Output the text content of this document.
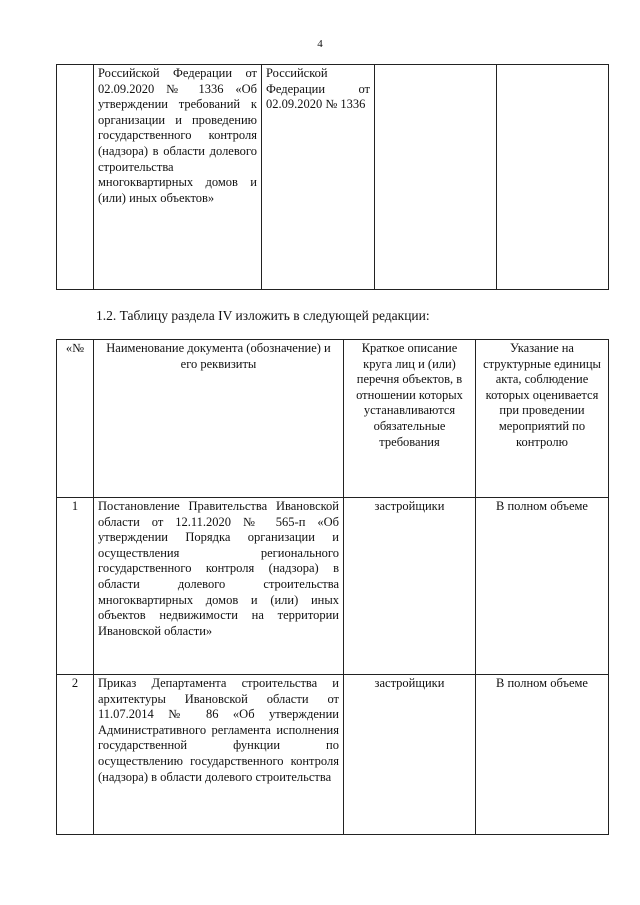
4
	Российской Федерации от 02.09.2020 № 1336 «Об утверждении требований к организации и проведению государственного контроля (надзора) в области долевого строительства многоквартирных домов и (или) иных объектов»	Российской Федерации от 02.09.2020 № 1336		
1.2. Таблицу раздела IV изложить в следующей редакции:
«№	Наименование документа (обозначение) и его реквизиты	Краткое описание круга лиц и (или) перечня объектов, в отношении которых устанавливаются обязательные требования	Указание на структурные единицы акта, соблюдение которых оценивается при проведении мероприятий по контролю
1	Постановление Правительства Ивановской области от 12.11.2020 № 565-п «Об утверждении Порядка организации и осуществления регионального государственного контроля (надзора) в области долевого строительства многоквартирных домов и (или) иных объектов недвижимости на территории Ивановской области»	застройщики	В полном объеме
2	Приказ Департамента строительства и архитектуры Ивановской области от 11.07.2014 № 86 «Об утверждении Административного регламента исполнения государственной функции по осуществлению государственного контроля (надзора) в области долевого строительства	застройщики	В полном объеме
